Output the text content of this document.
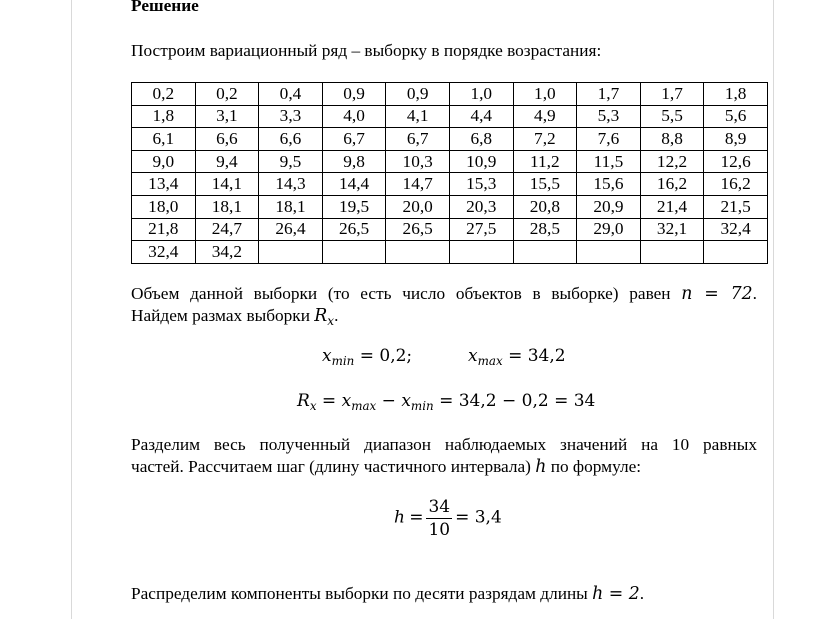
Решение

Построим вариационный ряд – выборку в порядке возрастания:

0,2	0,2	0,4	0,9	0,9	1,0	1,0	1,7	1,7	1,8
1,8	3,1	3,3	4,0	4,1	4,4	4,9	5,3	5,5	5,6
6,1	6,6	6,6	6,7	6,7	6,8	7,2	7,6	8,8	8,9
9,0	9,4	9,5	9,8	10,3	10,9	11,2	11,5	12,2	12,6
13,4	14,1	14,3	14,4	14,7	15,3	15,5	15,6	16,2	16,2
18,0	18,1	18,1	19,5	20,0	20,3	20,8	20,9	21,4	21,5
21,8	24,7	26,4	26,5	26,5	27,5	28,5	29,0	32,1	32,4
32,4	34,2								

Объем данной выборки (то есть число объектов в выборке) равен n = 72.

Найдем размах выборки $R_x$.

$x_{min} = 0,2$;	$x_{max} = 34,2$
$R_x = x_{max} - x_{min} = 34,2 - 0,2 = 34$

Разделим весь полученный диапазон наблюдаемых значений на 10 равных

частей. Рассчитаем шаг (длину частичного интервала) h по формуле:

$h = \frac{34}{10} = 3,4$

Распределим компоненты выборки по десяти разрядам длины h = 2.
